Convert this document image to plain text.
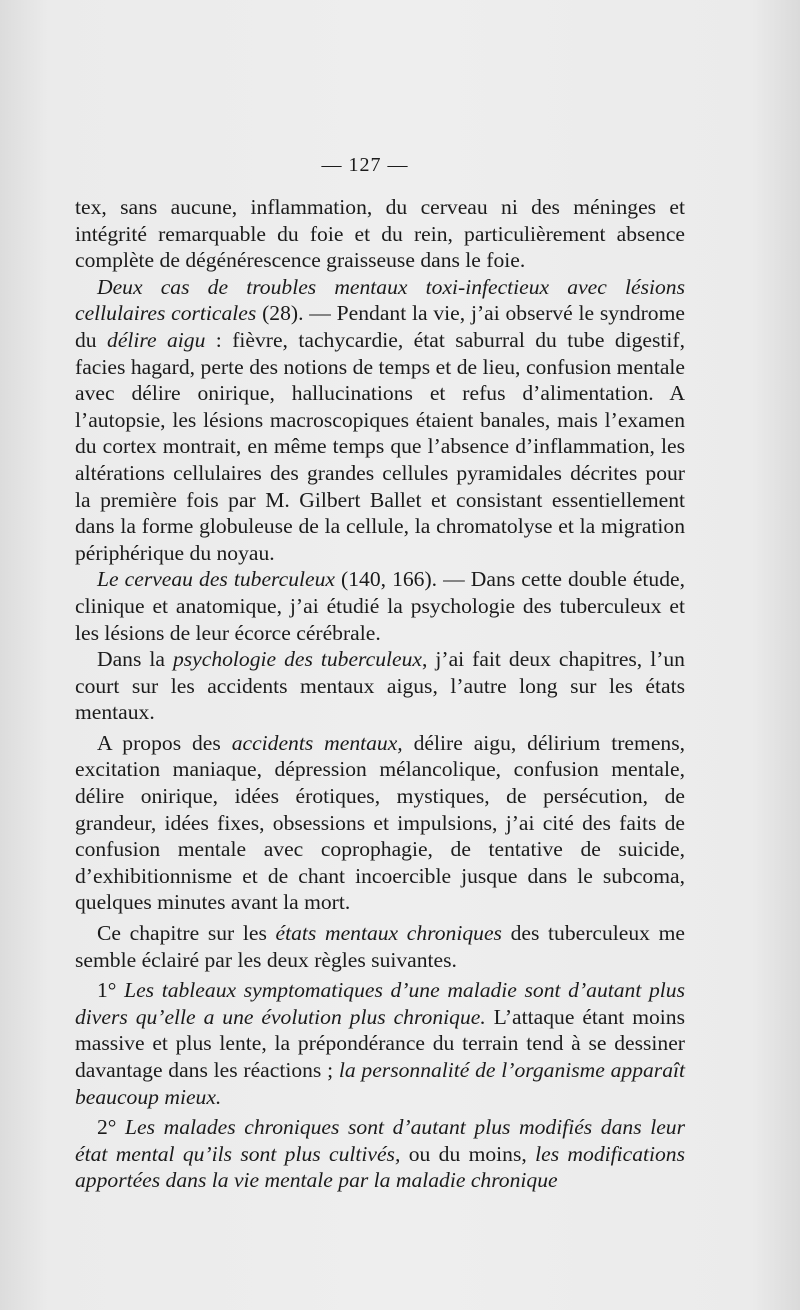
— 127 —

tex, sans aucune, inflammation, du cerveau ni des méninges et intégrité remarquable du foie et du rein, particulièrement absence complète de dégénérescence graisseuse dans le foie.

Deux cas de troubles mentaux toxi-infectieux avec lésions cellulaires corticales (28). — Pendant la vie, j’ai observé le syndrome du délire aigu : fièvre, tachycardie, état saburral du tube digestif, facies hagard, perte des notions de temps et de lieu, confusion mentale avec délire onirique, hallucinations et refus d’alimentation. A l’autopsie, les lésions macroscopiques étaient banales, mais l’examen du cortex montrait, en même temps que l’absence d’inflammation, les altérations cellulaires des grandes cellules pyramidales décrites pour la première fois par M. Gilbert Ballet et consistant essentiellement dans la forme globuleuse de la cellule, la chromatolyse et la migration périphérique du noyau.

Le cerveau des tuberculeux (140, 166). — Dans cette double étude, clinique et anatomique, j’ai étudié la psychologie des tuberculeux et les lésions de leur écorce cérébrale.

Dans la psychologie des tuberculeux, j’ai fait deux chapitres, l’un court sur les accidents mentaux aigus, l’autre long sur les états mentaux.

A propos des accidents mentaux, délire aigu, délirium tremens, excitation maniaque, dépression mélancolique, confusion mentale, délire onirique, idées érotiques, mystiques, de persécution, de grandeur, idées fixes, obsessions et impulsions, j’ai cité des faits de confusion mentale avec coprophagie, de tentative de suicide, d’exhibitionnisme et de chant incoercible jusque dans le subcoma, quelques minutes avant la mort.

Ce chapitre sur les états mentaux chroniques des tuberculeux me semble éclairé par les deux règles suivantes.

1° Les tableaux symptomatiques d’une maladie sont d’autant plus divers qu’elle a une évolution plus chronique. L’attaque étant moins massive et plus lente, la prépondérance du terrain tend à se dessiner davantage dans les réactions ; la personnalité de l’organisme apparaît beaucoup mieux.

2° Les malades chroniques sont d’autant plus modifiés dans leur état mental qu’ils sont plus cultivés, ou du moins, les modifications apportées dans la vie mentale par la maladie chronique
